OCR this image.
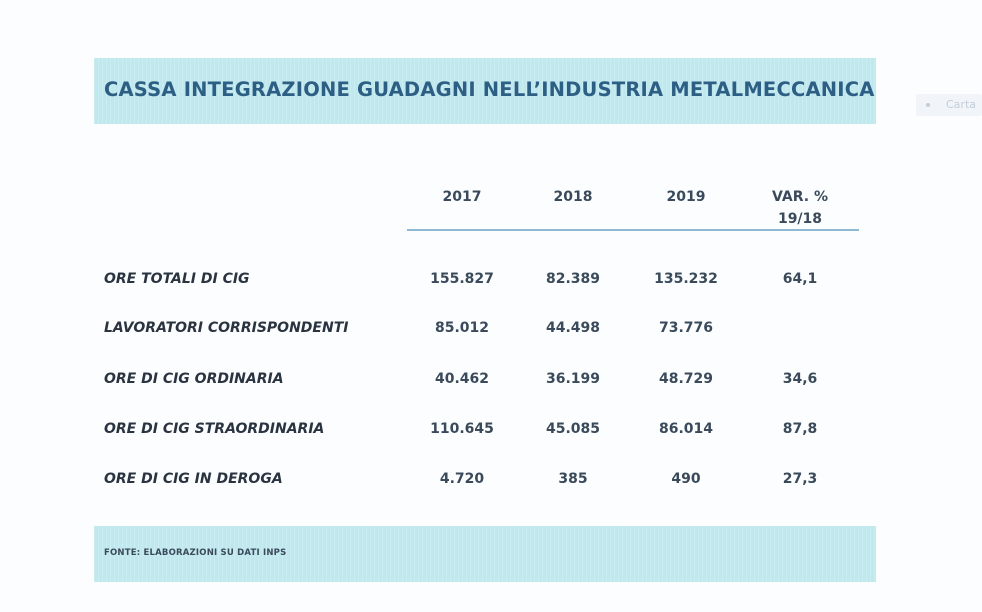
CASSA INTEGRAZIONE GUADAGNI NELL’INDUSTRIA METALMECCANICA
Carta
2017	2018	2019	VAR. %
19/18
ORE TOTALI DI CIG	155.827	82.389	135.232	64,1
LAVORATORI CORRISPONDENTI	85.012	44.498	73.776
ORE DI CIG ORDINARIA	40.462	36.199	48.729	34,6
ORE DI CIG STRAORDINARIA	110.645	45.085	86.014	87,8
ORE DI CIG IN DEROGA	4.720	385	490	27,3
FONTE: ELABORAZIONI SU DATI INPS
